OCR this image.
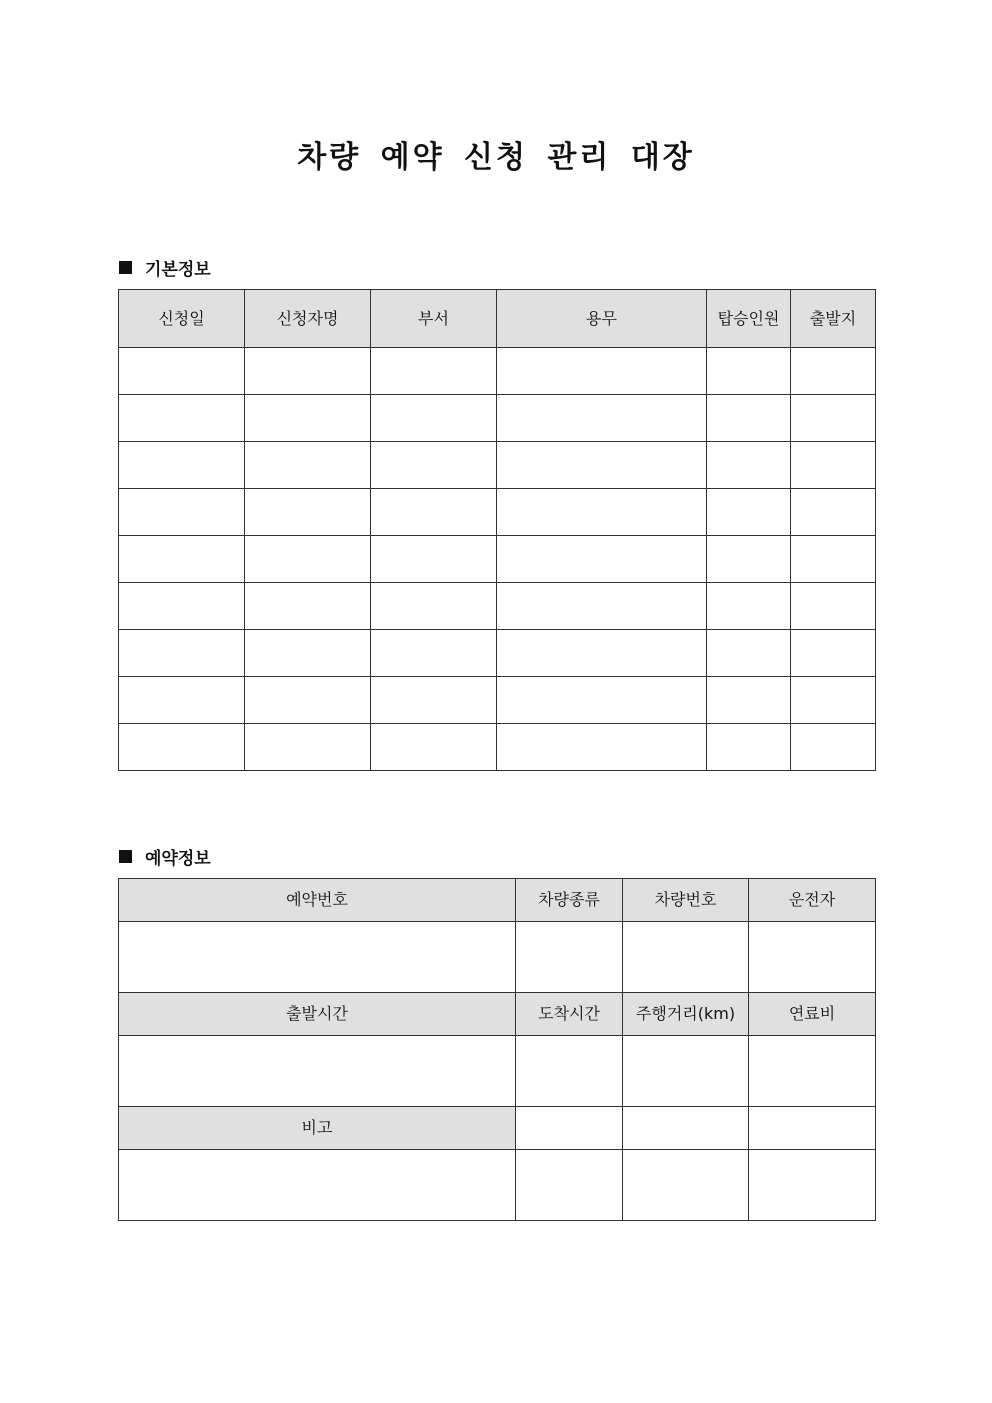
차량 예약 신청 관리 대장
기본정보
신청일	신청자명	부서	용무	탑승인원	출발지

예약정보
예약번호	차량종류	차량번호	운전자

출발시간	도착시간	주행거리(km)	연료비

비고			
